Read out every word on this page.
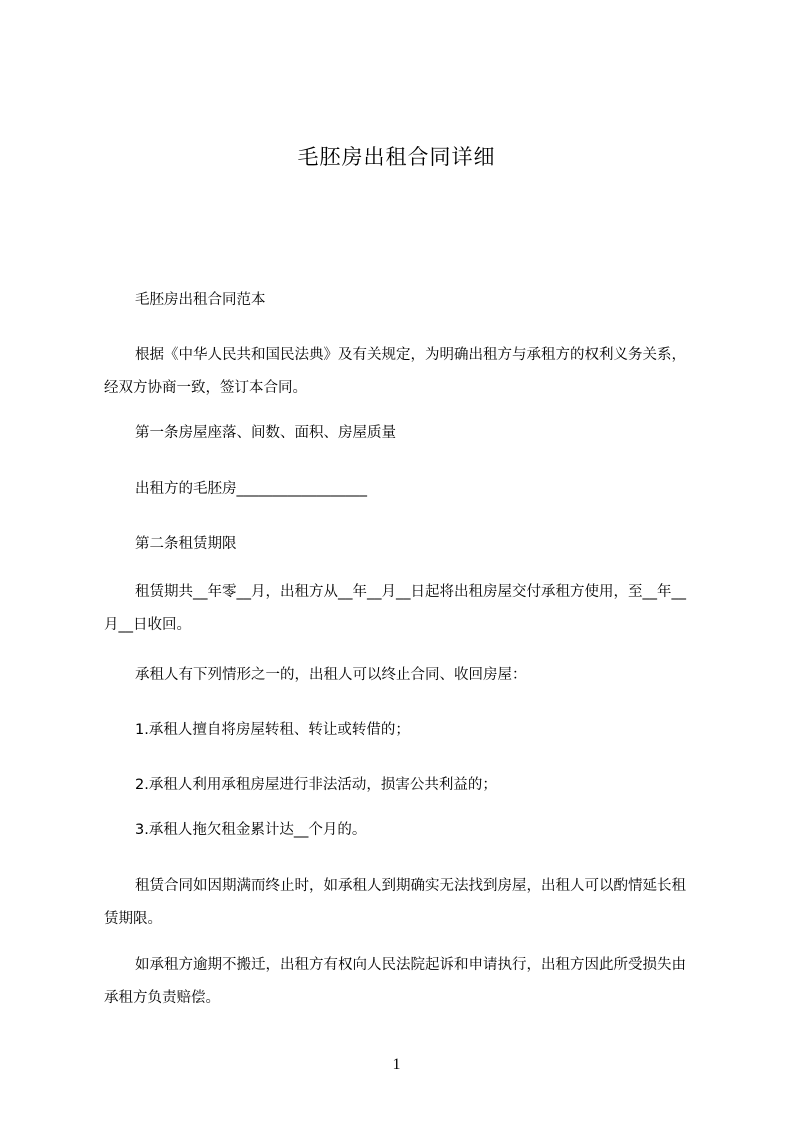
毛胚房出租合同详细

毛胚房出租合同范本

根据《中华人民共和国民法典》及有关规定，为明确出租方与承租方的权利义务关系，经双方协商一致，签订本合同。

第一条房屋座落、间数、面积、房屋质量

出租方的毛胚房__________________

第二条租赁期限

租赁期共__年零__月，出租方从__年__月__日起将出租房屋交付承租方使用，至__年__月__日收回。

承租人有下列情形之一的，出租人可以终止合同、收回房屋：

1.承租人擅自将房屋转租、转让或转借的；

2.承租人利用承租房屋进行非法活动，损害公共利益的；

3.承租人拖欠租金累计达__个月的。

租赁合同如因期满而终止时，如承租人到期确实无法找到房屋，出租人可以酌情延长租赁期限。

如承租方逾期不搬迁，出租方有权向人民法院起诉和申请执行，出租方因此所受损失由承租方负责赔偿。

1
